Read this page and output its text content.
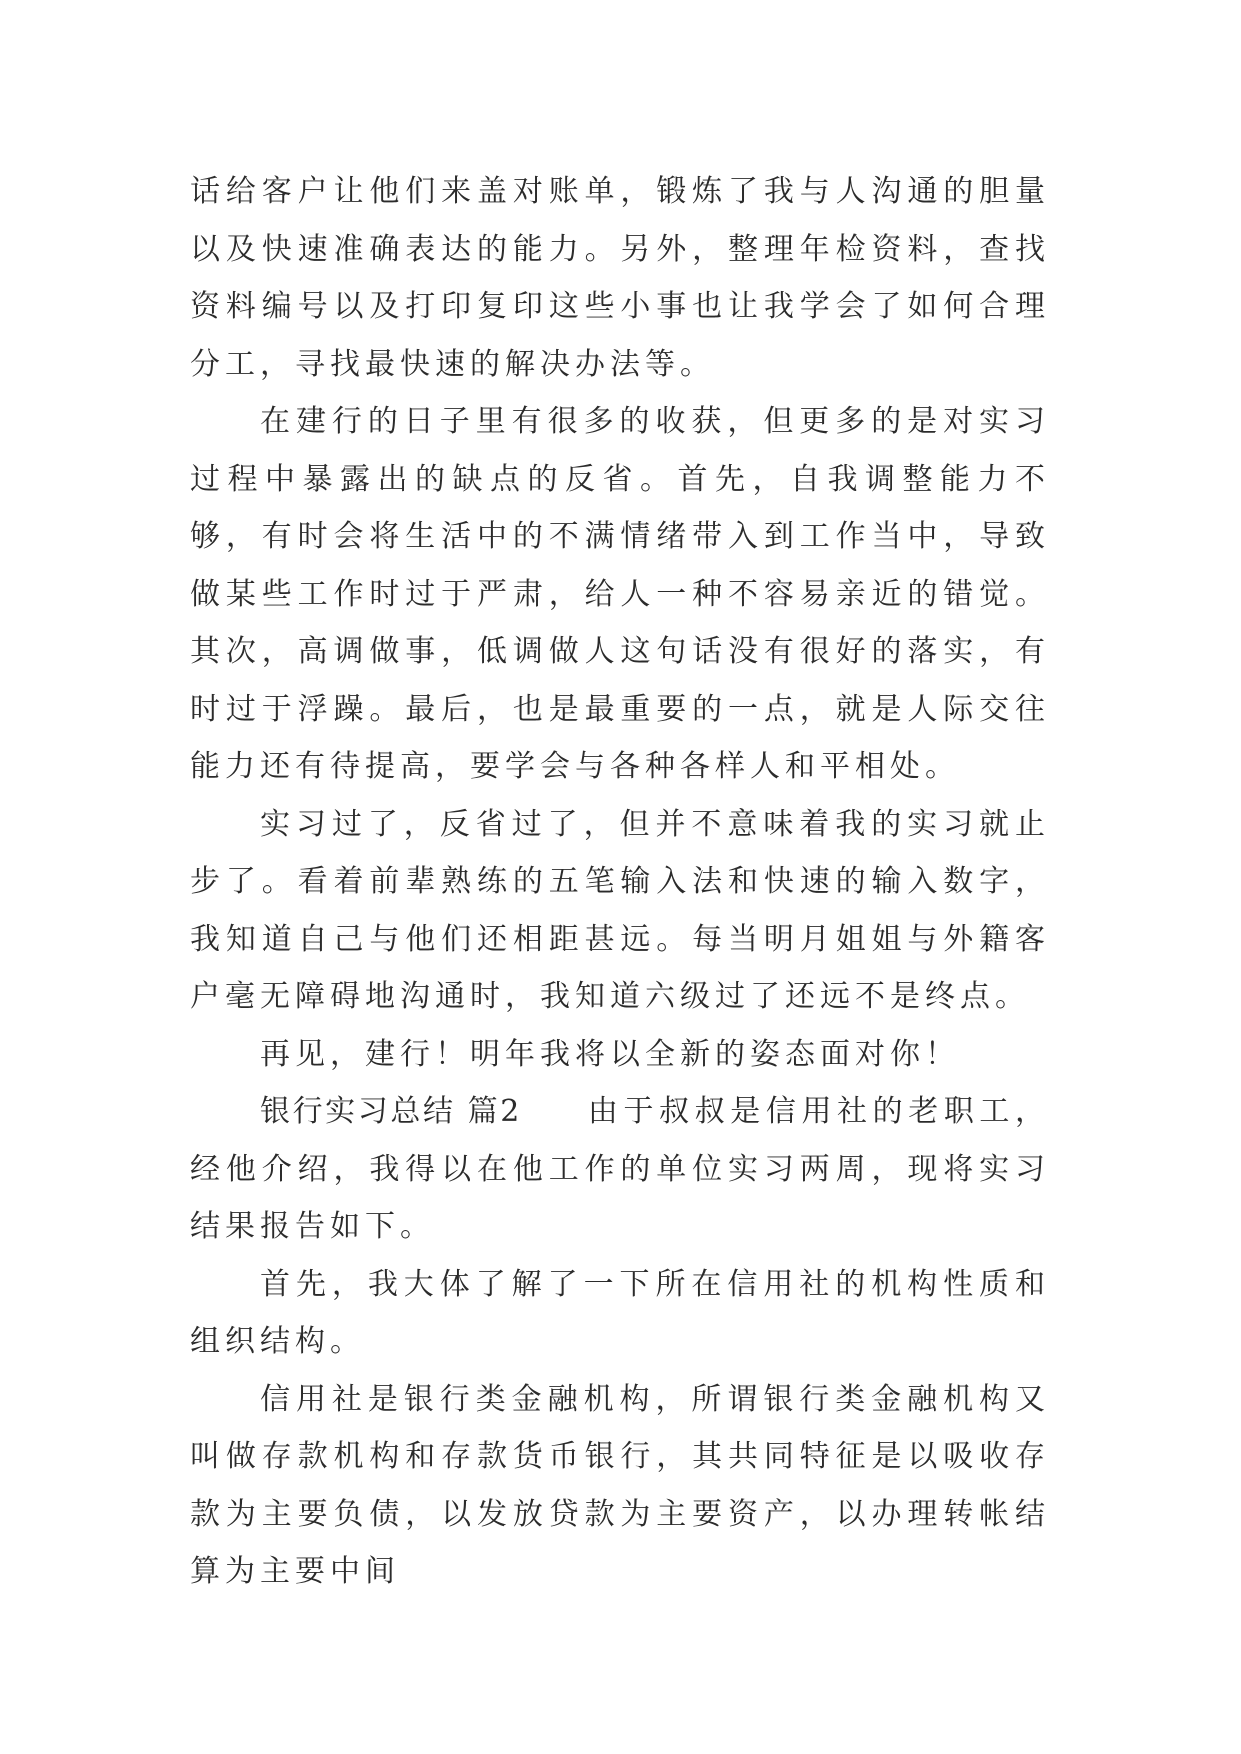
话给客户让他们来盖对账单，锻炼了我与人沟通的胆量以及快速准确表达的能力。另外，整理年检资料，查找资料编号以及打印复印这些小事也让我学会了如何合理分工，寻找最快速的解决办法等。

在建行的日子里有很多的收获，但更多的是对实习过程中暴露出的缺点的反省。首先，自我调整能力不够，有时会将生活中的不满情绪带入到工作当中，导致做某些工作时过于严肃，给人一种不容易亲近的错觉。其次，高调做事，低调做人这句话没有很好的落实，有时过于浮躁。最后，也是最重要的一点，就是人际交往能力还有待提高，要学会与各种各样人和平相处。

实习过了，反省过了，但并不意味着我的实习就止步了。看着前辈熟练的五笔输入法和快速的输入数字，我知道自己与他们还相距甚远。每当明月姐姐与外籍客户毫无障碍地沟通时，我知道六级过了还远不是终点。

再见，建行！明年我将以全新的姿态面对你！

银行实习总结 篇2 由于叔叔是信用社的老职工，经他介绍，我得以在他工作的单位实习两周，现将实习结果报告如下。

首先，我大体了解了一下所在信用社的机构性质和组织结构。

信用社是银行类金融机构，所谓银行类金融机构又叫做存款机构和存款货币银行，其共同特征是以吸收存款为主要负债，以发放贷款为主要资产，以办理转帐结算为主要中间
